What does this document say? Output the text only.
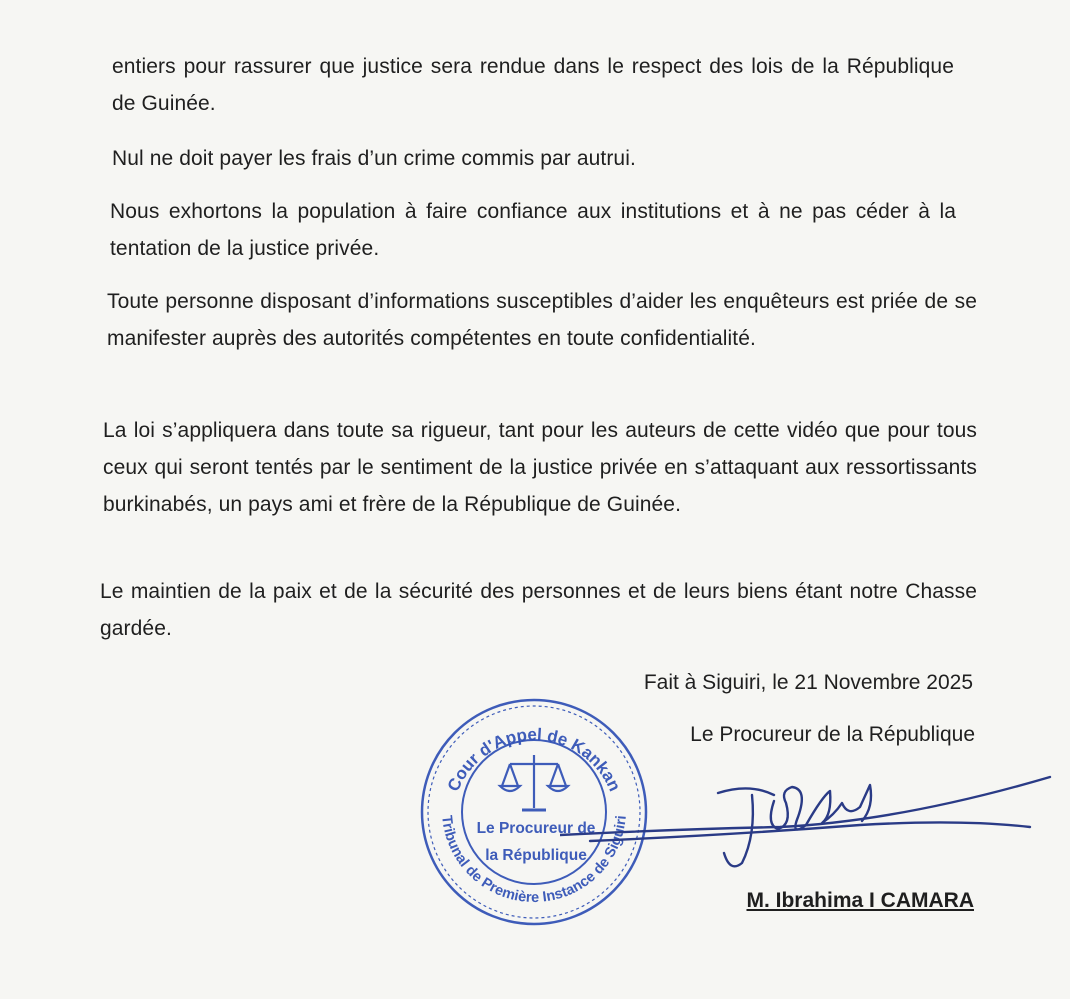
entiers pour rassurer que justice sera rendue dans le respect des lois de la République de Guinée.
Nul ne doit payer les frais d’un crime commis par autrui.
Nous exhortons la population à faire confiance aux institutions et à ne pas céder à la tentation de la justice privée.
Toute personne disposant d’informations susceptibles d’aider les enquêteurs est priée de se manifester auprès des autorités compétentes en toute confidentialité.
La loi s’appliquera dans toute sa rigueur, tant pour les auteurs de cette vidéo que pour tous ceux qui seront tentés par le sentiment de la justice privée en s’attaquant aux ressortissants burkinabés, un pays ami et frère de la République de Guinée.
Le maintien de la paix et de la sécurité des personnes et de leurs biens étant notre Chasse gardée.
Fait à Siguiri, le 21 Novembre 2025
Le Procureur de la République
Cour d'Appel de Kankan
Tribunal de Première Instance de Siguiri
Le Procureur de
la République
M. Ibrahima I CAMARA
